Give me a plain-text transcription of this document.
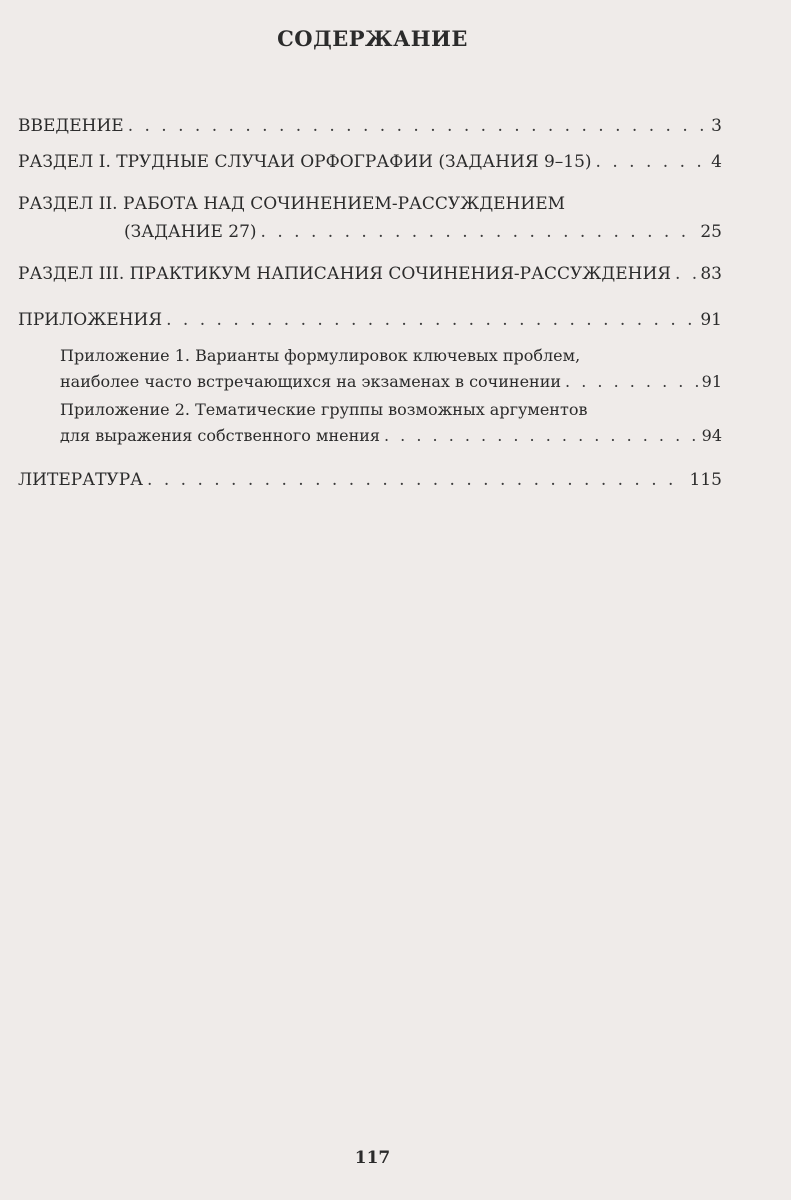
СОДЕРЖАНИЕ
ВВЕДЕНИЕ . . .	3
РАЗДЕЛ I. ТРУДНЫЕ СЛУЧАИ ОРФОГРАФИИ (ЗАДАНИЯ 9–15) . . .	4
РАЗДЕЛ II. РАБОТА НАД СОЧИНЕНИЕМ-РАССУЖДЕНИЕМ
(ЗАДАНИЕ 27) . . .	25
РАЗДЕЛ III. ПРАКТИКУМ НАПИСАНИЯ СОЧИНЕНИЯ-РАССУЖДЕНИЯ . . . 83
ПРИЛОЖЕНИЯ . . .	91
Приложение 1. Варианты формулировок ключевых проблем,
наиболее часто встречающихся на экзаменах в сочинении . . .	91
Приложение 2. Тематические группы возможных аргументов
для выражения собственного мнения . . .	94
ЛИТЕРАТУРА . . .	115
117
